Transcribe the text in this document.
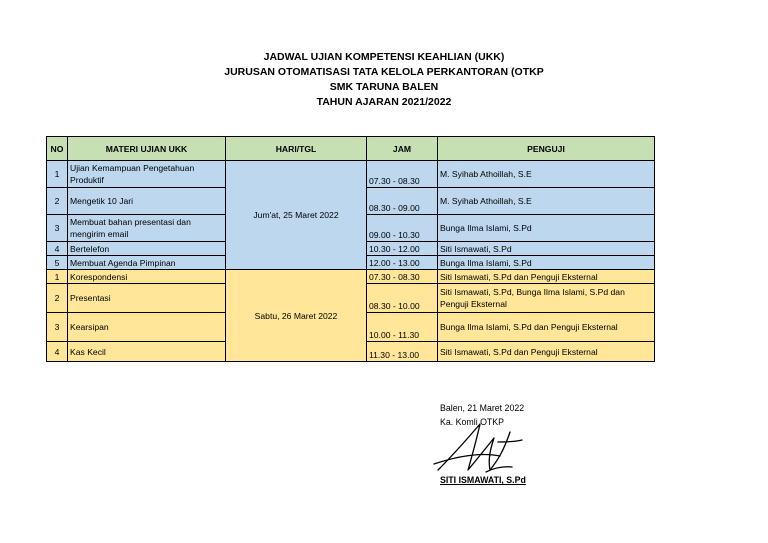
JADWAL UJIAN KOMPETENSI KEAHLIAN (UKK)
JURUSAN OTOMATISASI TATA KELOLA PERKANTORAN (OTKP
SMK TARUNA BALEN
TAHUN AJARAN 2021/2022
NO	MATERI UJIAN UKK	HARI/TGL	JAM	PENGUJI
1	Ujian Kemampuan Pengetahuan Produktif	Jum'at, 25 Maret 2022	07.30 - 08.30	M. Syihab Athoillah, S.E
2	Mengetik 10 Jari		08.30 - 09.00	M. Syihab Athoillah, S.E
3	Membuat bahan presentasi dan mengirim email		09.00 - 10.30	Bunga Ilma Islami, S.Pd
4	Bertelefon		10.30 - 12.00	Siti Ismawati, S.Pd
5	Membuat Agenda Pimpinan		12.00 - 13.00	Bunga Ilma Islami, S.Pd
1	Korespondensi	Sabtu, 26 Maret 2022	07.30 - 08.30	Siti Ismawati, S.Pd dan Penguji Eksternal
2	Presentasi		08.30 - 10.00	Siti Ismawati, S.Pd, Bunga Ilma Islami, S.Pd dan Penguji Eksternal
3	Kearsipan		10.00 - 11.30	Bunga Ilma Islami, S.Pd dan Penguji Eksternal
4	Kas Kecil		11.30 - 13.00	Siti Ismawati, S.Pd dan Penguji Eksternal
Balen, 21 Maret 2022
Ka. Komli OTKP
SITI ISMAWATI, S.Pd
